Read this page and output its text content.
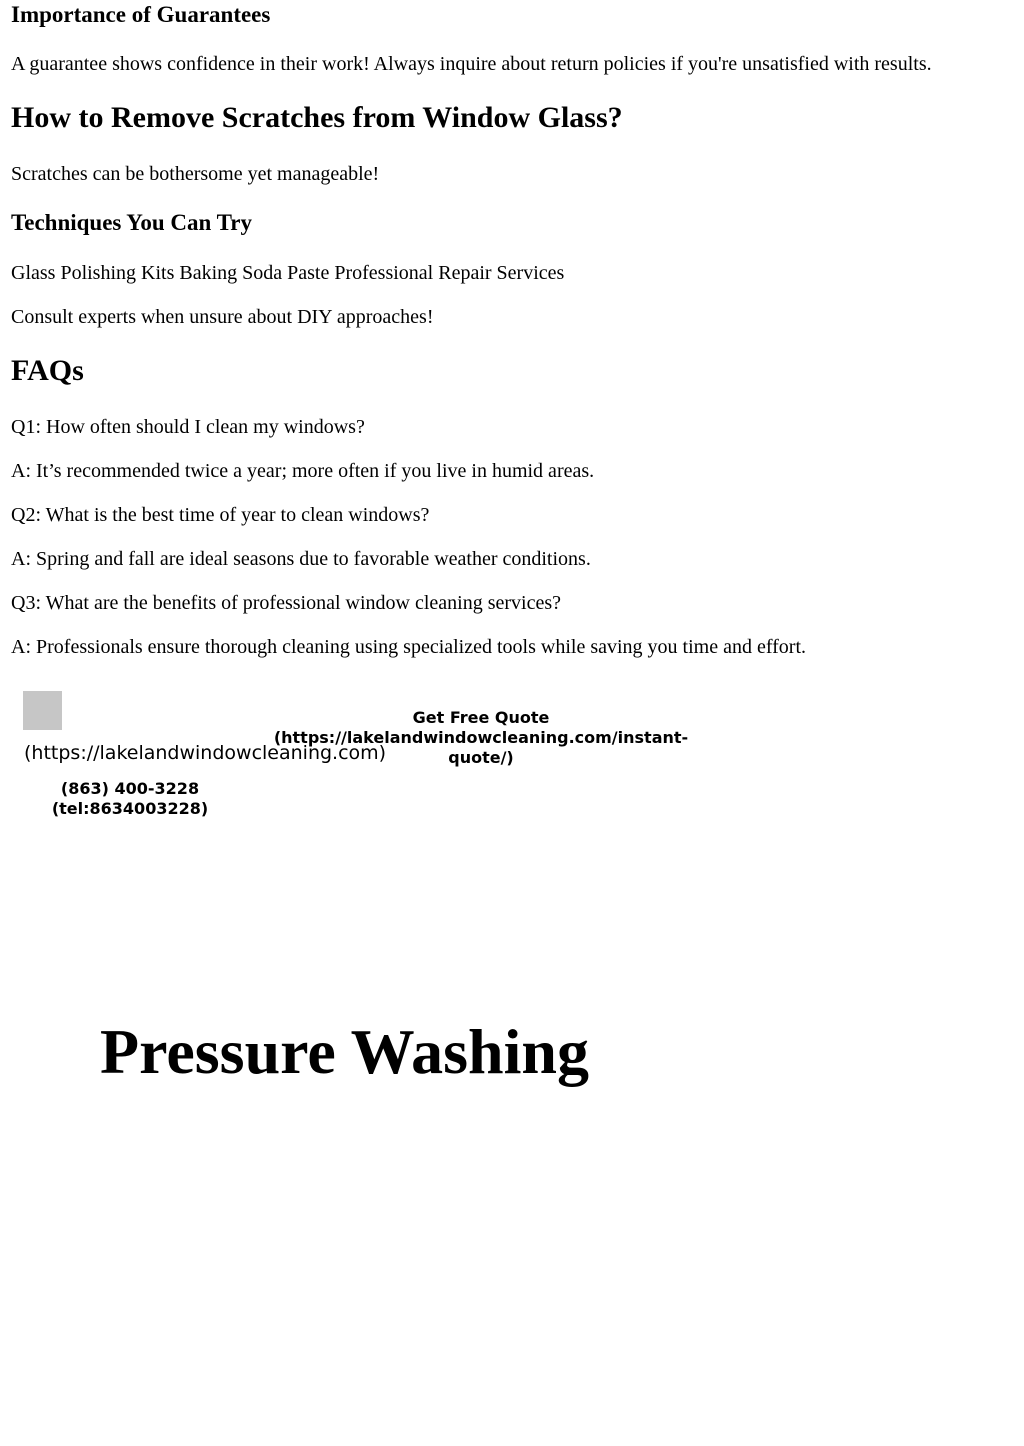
Importance of Guarantees

A guarantee shows confidence in their work! Always inquire about return policies if you're unsatisfied with results.

How to Remove Scratches from Window Glass?

Scratches can be bothersome yet manageable!

Techniques You Can Try

Glass Polishing Kits Baking Soda Paste Professional Repair Services

Consult experts when unsure about DIY approaches!

FAQs

Q1: How often should I clean my windows?

A: It’s recommended twice a year; more often if you live in humid areas.

Q2: What is the best time of year to clean windows?

A: Spring and fall are ideal seasons due to favorable weather conditions.

Q3: What are the benefits of professional window cleaning services?

A: Professionals ensure thorough cleaning using specialized tools while saving you time and effort.

(https://lakelandwindowcleaning.com)
(863) 400-3228
(tel:8634003228)
Get Free Quote
(https://lakelandwindowcleaning.com/instant-quote/)
Pressure Washing
